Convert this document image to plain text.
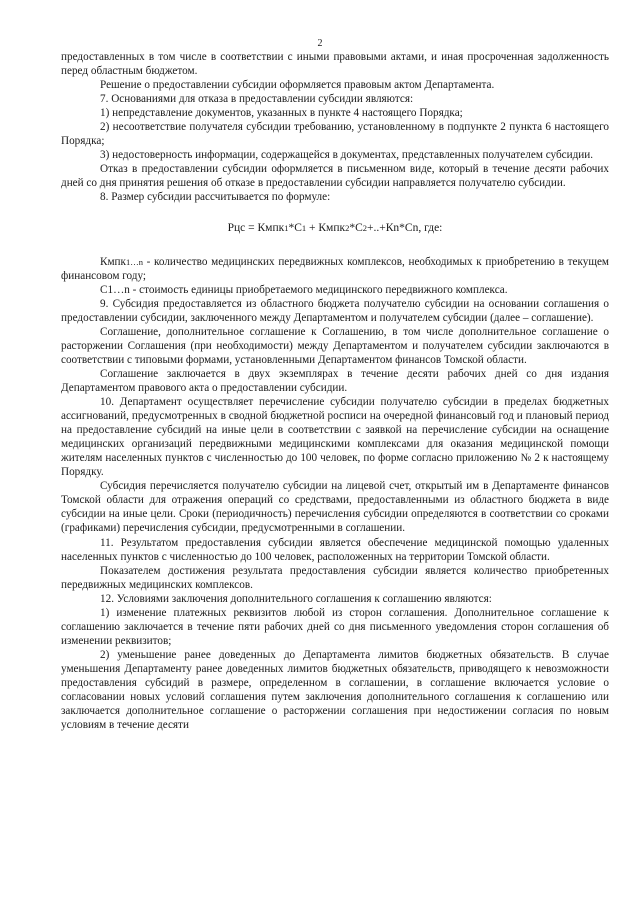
2

предоставленных в том числе в соответствии с иными правовыми актами, и иная просроченная задолженность перед областным бюджетом.

Решение о предоставлении субсидии оформляется правовым актом Департамента.

7. Основаниями для отказа в предоставлении субсидии являются:

1) непредставление документов, указанных в пункте 4 настоящего Порядка;

2) несоответствие получателя субсидии требованию, установленному в подпункте 2 пункта 6 настоящего Порядка;

3) недостоверность информации, содержащейся в документах, представленных получателем субсидии.

Отказ в предоставлении субсидии оформляется в письменном виде, который в течение десяти рабочих дней со дня принятия решения об отказе в предоставлении субсидии направляется получателю субсидии.

8. Размер субсидии рассчитывается по формуле:

Рцс = Кмпк1*С1 + Кмпк2*С2+..+Кn*Сn, где:

Кмпк1…n - количество медицинских передвижных комплексов, необходимых к приобретению в текущем финансовом году;

С1…n - стоимость единицы приобретаемого медицинского передвижного комплекса.

9. Субсидия предоставляется из областного бюджета получателю субсидии на основании соглашения о предоставлении субсидии, заключенного между Департаментом и получателем субсидии (далее – соглашение).

Соглашение, дополнительное соглашение к Соглашению, в том числе дополнительное соглашение о расторжении Соглашения (при необходимости) между Департаментом и получателем субсидии заключаются в соответствии с типовыми формами, установленными Департаментом финансов Томской области.

Соглашение заключается в двух экземплярах в течение десяти рабочих дней со дня издания Департаментом правового акта о предоставлении субсидии.

10. Департамент осуществляет перечисление субсидии получателю субсидии в пределах бюджетных ассигнований, предусмотренных в сводной бюджетной росписи на очередной финансовый год и плановый период на предоставление субсидий на иные цели в соответствии с заявкой на перечисление субсидии на оснащение медицинских организаций передвижными медицинскими комплексами для оказания медицинской помощи жителям населенных пунктов с численностью до 100 человек, по форме согласно приложению № 2 к настоящему Порядку.

Субсидия перечисляется получателю субсидии на лицевой счет, открытый им в Департаменте финансов Томской области для отражения операций со средствами, предоставленными из областного бюджета в виде субсидии на иные цели. Сроки (периодичность) перечисления субсидии определяются в соответствии со сроками (графиками) перечисления субсидии, предусмотренными в соглашении.

11. Результатом предоставления субсидии является обеспечение медицинской помощью удаленных населенных пунктов с численностью до 100 человек, расположенных на территории Томской области.

Показателем достижения результата предоставления субсидии является количество приобретенных передвижных медицинских комплексов.

12. Условиями заключения дополнительного соглашения к соглашению являются:

1) изменение платежных реквизитов любой из сторон соглашения. Дополнительное соглашение к соглашению заключается в течение пяти рабочих дней со дня письменного уведомления сторон соглашения об изменении реквизитов;

2) уменьшение ранее доведенных до Департамента лимитов бюджетных обязательств. В случае уменьшения Департаменту ранее доведенных лимитов бюджетных обязательств, приводящего к невозможности предоставления субсидий в размере, определенном в соглашении, в соглашение включается условие о согласовании новых условий соглашения путем заключения дополнительного соглашения к соглашению или заключается дополнительное соглашение о расторжении соглашения при недостижении согласия по новым условиям в течение десяти
